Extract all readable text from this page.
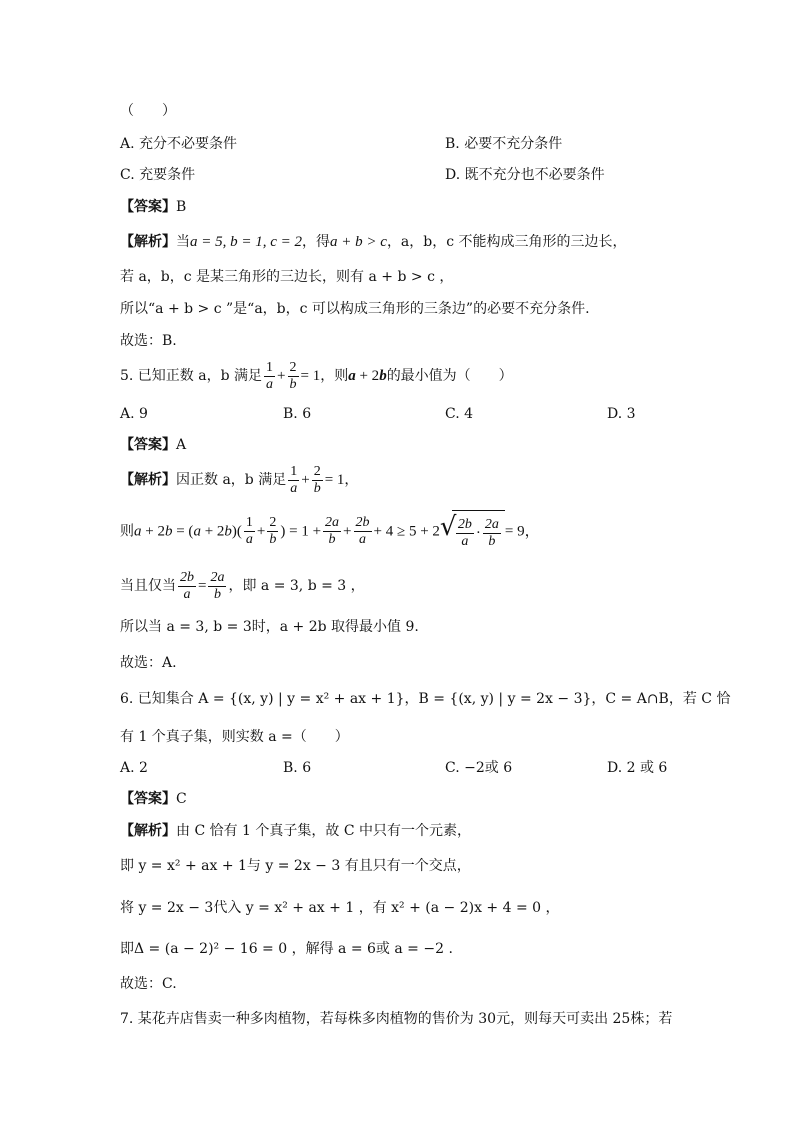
（　　）
A. 充分不必要条件	B. 必要不充分条件
C. 充要条件	D. 既不充分也不必要条件
【答案】B
【解析】当a = 5, b = 1, c = 2，得a + b > c，a，b，c 不能构成三角形的三边长，
若 a，b，c 是某三角形的三边长，则有 a + b > c ，
所以“a + b > c ”是“a，b，c 可以构成三角形的三条边”的必要不充分条件.
故选：B.
5. 已知正数 a，b 满足 $\frac{1}{a} + \frac{2}{b} = 1$，则a + 2b的最小值为（　　）
A. 9	B. 6	C. 4	D. 3
【答案】A
【解析】因正数 a，b 满足 $\frac{1}{a} + \frac{2}{b} = 1$，
则$a + 2b = (a + 2b)( \frac{1}{a} + \frac{2}{b}$ ) = $1 + \frac{2a}{b} + \frac{2b}{a} + 4 \ge 5 + 2$ √ $\frac{2b}{a} \cdot \frac{2a}{b} = 9$，
当且仅当 $\frac{2b}{a} = \frac{2a}{b}$ ，即 a = 3, b = 3 ，
所以当 a = 3, b = 3时，a + 2b 取得最小值 9.
故选：A.
6. 已知集合 A = {(x, y) | y = x² + ax + 1}，B = {(x, y) | y = 2x − 3}，C = A∩B，若 C 恰
有 1 个真子集，则实数 a =（　　）
A. 2	B. 6	C. −2或 6	D. 2 或 6
【答案】C
【解析】由 C 恰有 1 个真子集，故 C 中只有一个元素，
即 y = x² + ax + 1与 y = 2x − 3 有且只有一个交点，
将 y = 2x − 3代入 y = x² + ax + 1 ，有 x² + (a − 2)x + 4 = 0 ，
即Δ = (a − 2)² − 16 = 0 ，解得 a = 6或 a = −2 .
故选：C.
7. 某花卉店售卖一种多肉植物，若每株多肉植物的售价为 30元，则每天可卖出 25株；若
